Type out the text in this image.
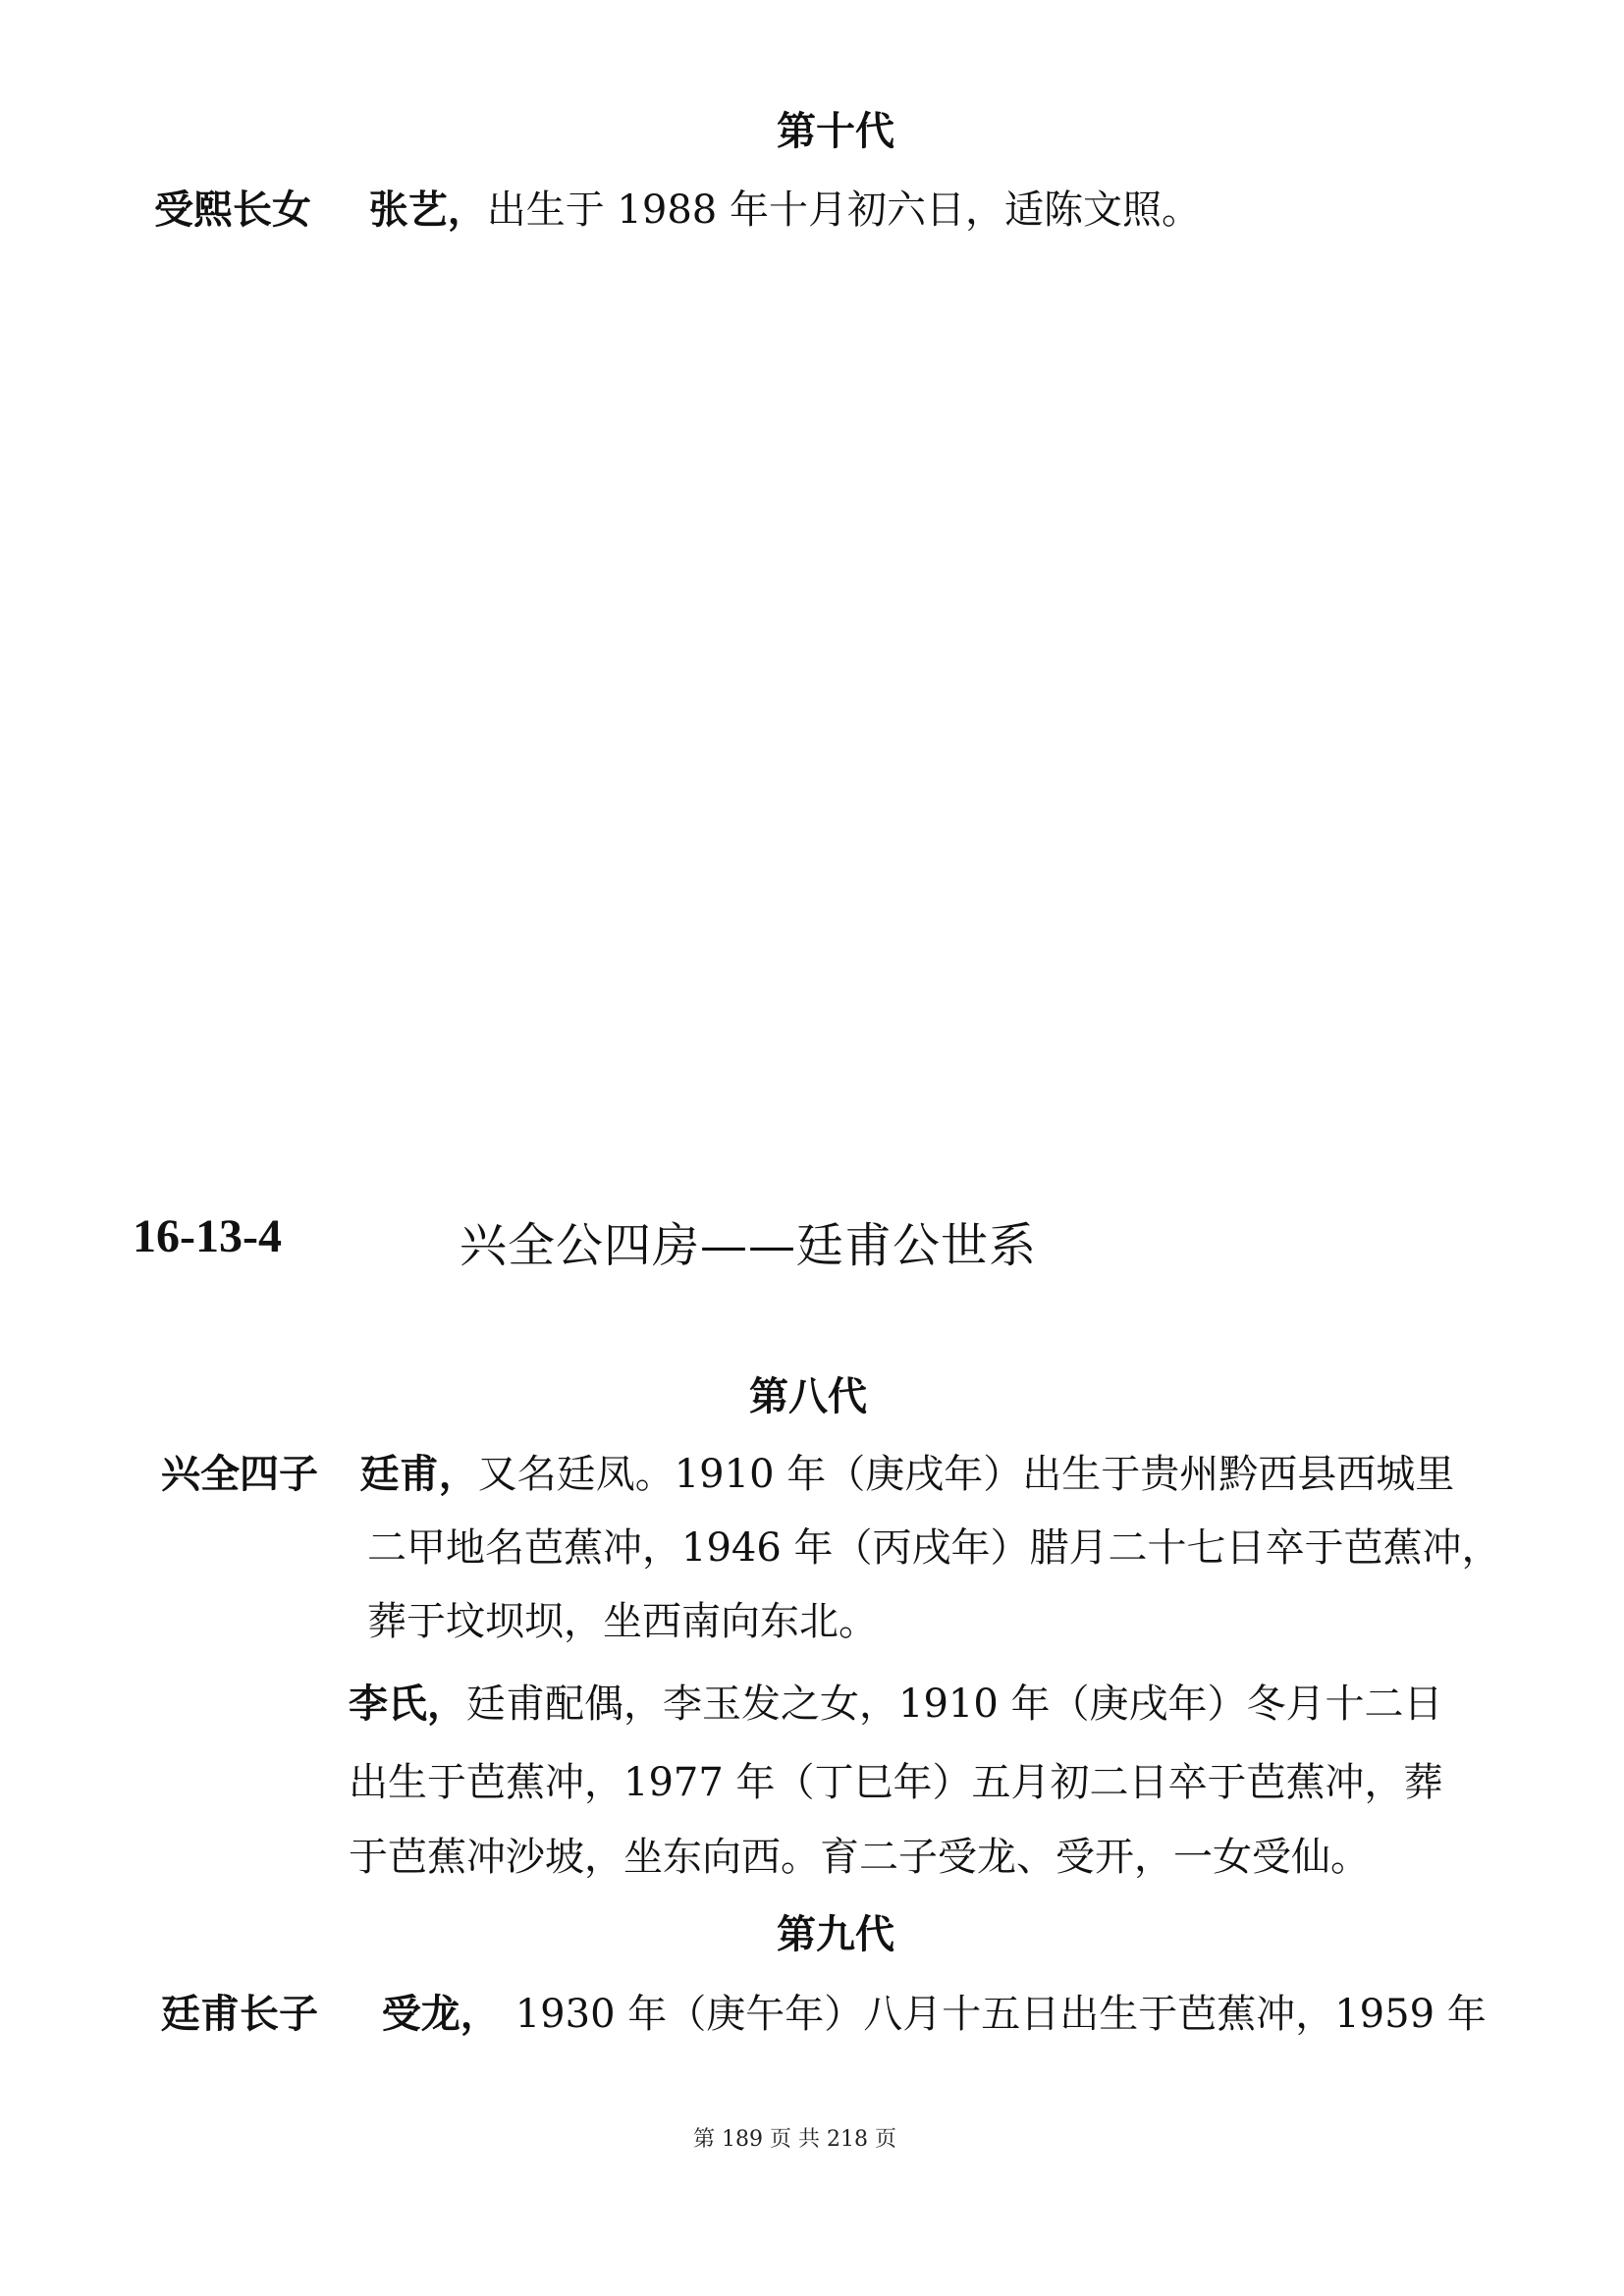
第十代
受熙长女 张艺，出生于 1988 年十月初六日，适陈文照。
16-13-4	兴全公四房——廷甫公世系
第八代
兴全四子 廷甫，又名廷凤。1910 年（庚戌年）出生于贵州黔西县西城里
二甲地名芭蕉冲，1946 年（丙戌年）腊月二十七日卒于芭蕉冲，
葬于坟坝坝，坐西南向东北。
李氏，廷甫配偶，李玉发之女，1910 年（庚戌年）冬月十二日
出生于芭蕉冲，1977 年（丁巳年）五月初二日卒于芭蕉冲，葬
于芭蕉冲沙坡，坐东向西。育二子受龙、受开，一女受仙。
第九代
廷甫长子 受龙， 1930 年（庚午年）八月十五日出生于芭蕉冲，1959 年
第 189 页 共 218 页
